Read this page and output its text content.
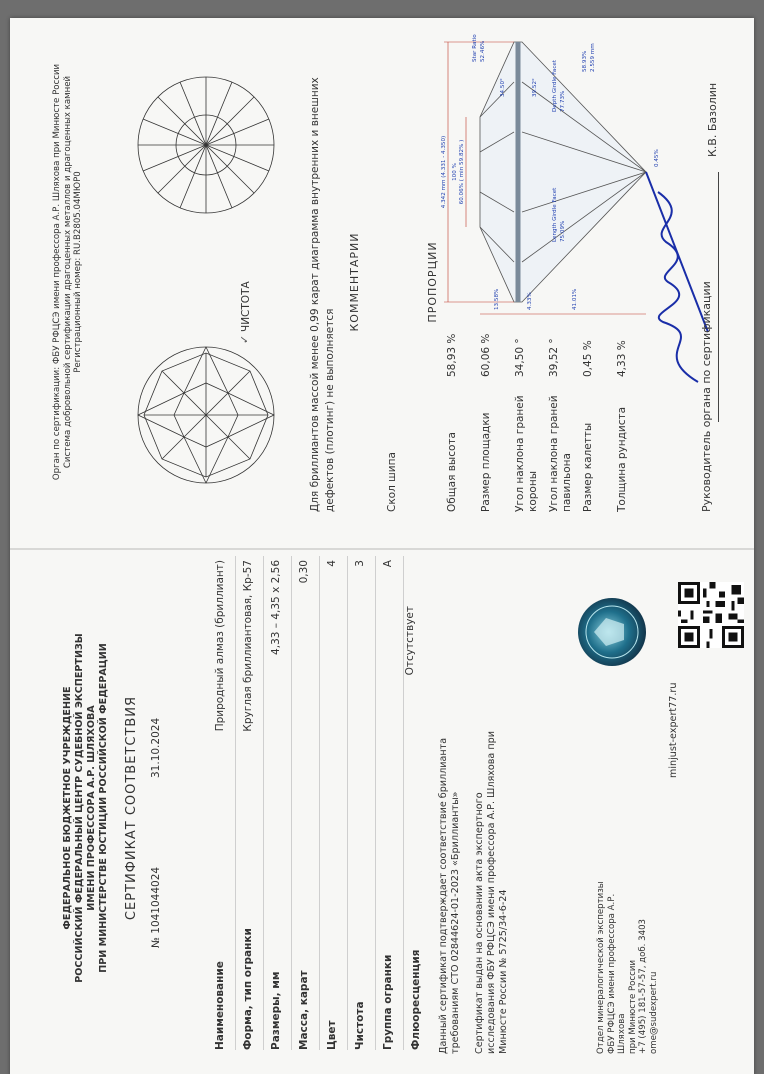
Орган по сертификации: ФБУ РФЦСЭ имени профессора А.Р. Шляхова при Минюсте России Система добровольной сертификации драгоценных металлов и драгоценных камней Регистрационный номер: RU.B2805.04МЮР0	✓
ЧИСТОТА	Для бриллиантов массой менее 0,99 карат диаграмма внутренних и внешних дефектов (плотинг) не выполняется
КОММЕНТАРИИ
Скол шипа
ПРОПОРЦИИ
Общая высота
58,93 %
Размер площадки
60,06 %
Угол наклона граней короны
34,50 °
Угол наклона граней павильона
39,52 °
Размер калетты
0,45 %
Толщина рундиста
4,33 %
4.342 mm (4.331 - 4.350) 100 % 60.06% ( min 59.82% )
13.58%	4.33%	41.01%
Length Girdle Facet 75.09%
0.45%
Depth Girdle Facet 77.73%
58.93% 2.559 mm
34.50°	39.52°
Star Ratio 52.46%
Руководитель органа по сертификации
К.В. Базолин
ФЕДЕРАЛЬНОЕ БЮДЖЕТНОЕ УЧРЕЖДЕНИЕ РОССИЙСКИЙ ФЕДЕРАЛЬНЫЙ ЦЕНТР СУДЕБНОЙ ЭКСПЕРТИЗЫ ИМЕНИ ПРОФЕССОРА А.Р. ШЛЯХОВА ПРИ МИНИСТЕРСТВЕ ЮСТИЦИИ РОССИЙСКОЙ ФЕДЕРАЦИИ СЕРТИФИКАТ СООТВЕТСТВИЯ № 1041044024
31.10.2024
Наименование
Природный алмаз (бриллиант)
Форма, тип огранки
Круглая бриллиантовая, Кр-57
Размеры, мм
4,33 – 4,35 х 2,56
Масса, карат
0,30
Цвет
4
Чистота
3
Группа огранки
А
Флюоресценция
Отсутствует
Данный сертификат подтверждает соответствие бриллианта требованиям СТО 02844624-01-2023 «Бриллианты» Сертификат выдан на основании акта экспертного исследования ФБУ РФЦСЭ имени профессора А.Р. Шляхова при Минюсте России № 5725/34-6-24
minjust-expert77.ru
Отдел минералогической экспертизы ФБУ РФЦСЭ имени профессора А.Р. Шляхова при Минюсте России +7 (495) 181-57-57, доб. 3403 ome@sudexpert.ru
